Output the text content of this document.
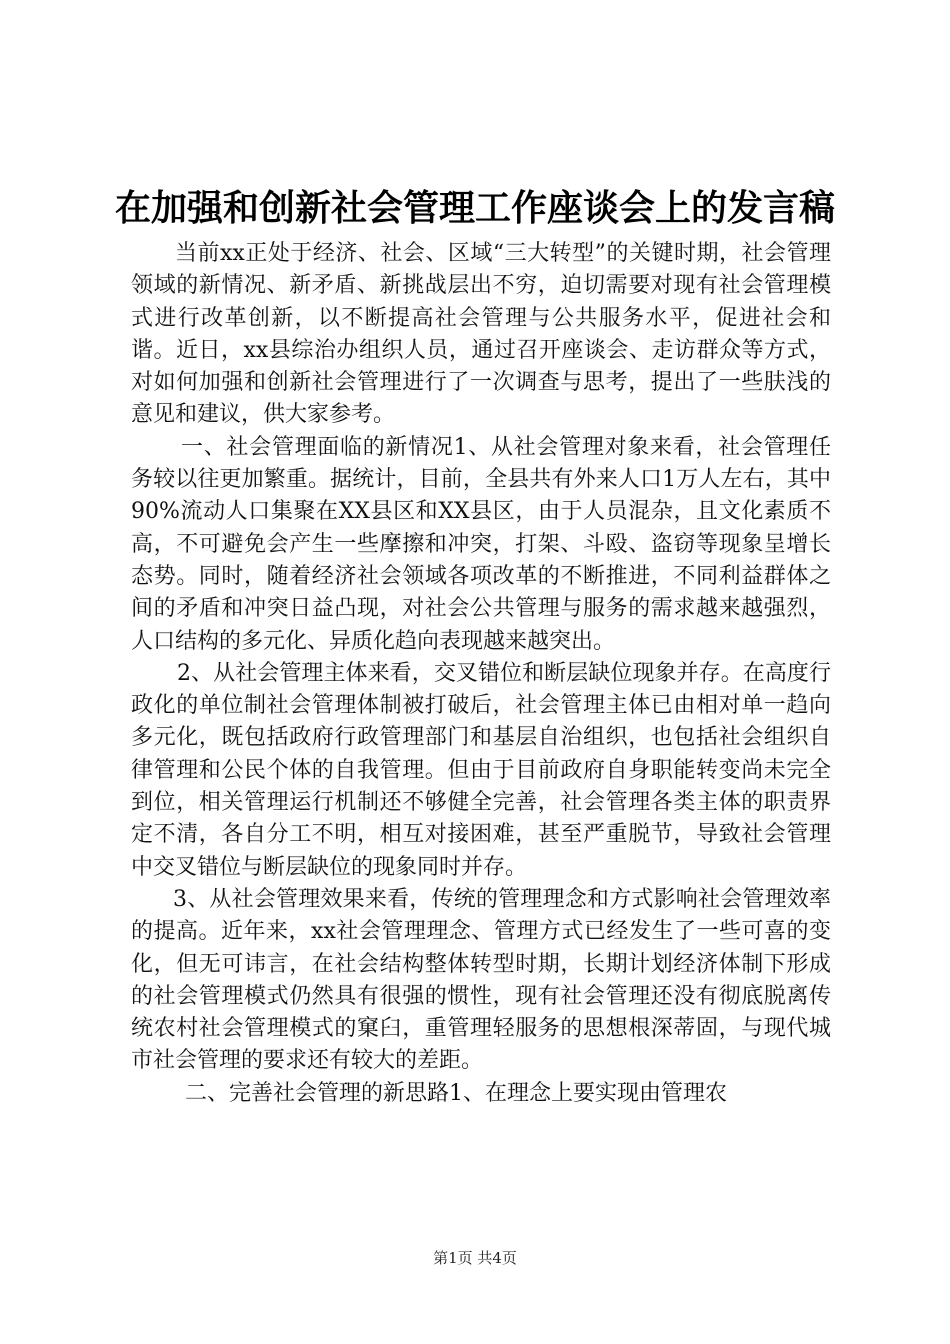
在加强和创新社会管理工作座谈会上的发言稿

当前xx正处于经济、社会、区域“三大转型”的关键时期，社会管理领域的新情况、新矛盾、新挑战层出不穷，迫切需要对现有社会管理模式进行改革创新，以不断提高社会管理与公共服务水平，促进社会和谐。近日，xx县综治办组织人员，通过召开座谈会、走访群众等方式，对如何加强和创新社会管理进行了一次调查与思考，提出了一些肤浅的意见和建议，供大家参考。

一、社会管理面临的新情况1、从社会管理对象来看，社会管理任务较以往更加繁重。据统计，目前，全县共有外来人口1万人左右，其中90%流动人口集聚在XX县区和XX县区，由于人员混杂，且文化素质不高，不可避免会产生一些摩擦和冲突，打架、斗殴、盗窃等现象呈增长态势。同时，随着经济社会领域各项改革的不断推进，不同利益群体之间的矛盾和冲突日益凸现，对社会公共管理与服务的需求越来越强烈，人口结构的多元化、异质化趋向表现越来越突出。

2、从社会管理主体来看，交叉错位和断层缺位现象并存。在高度行政化的单位制社会管理体制被打破后，社会管理主体已由相对单一趋向多元化，既包括政府行政管理部门和基层自治组织，也包括社会组织自律管理和公民个体的自我管理。但由于目前政府自身职能转变尚未完全到位，相关管理运行机制还不够健全完善，社会管理各类主体的职责界定不清，各自分工不明，相互对接困难，甚至严重脱节，导致社会管理中交叉错位与断层缺位的现象同时并存。

3、从社会管理效果来看，传统的管理理念和方式影响社会管理效率的提高。近年来，xx社会管理理念、管理方式已经发生了一些可喜的变化，但无可讳言，在社会结构整体转型时期，长期计划经济体制下形成的社会管理模式仍然具有很强的惯性，现有社会管理还没有彻底脱离传统农村社会管理模式的窠臼，重管理轻服务的思想根深蒂固，与现代城市社会管理的要求还有较大的差距。

二、完善社会管理的新思路1、在理念上要实现由管理农

第1页 共4页
